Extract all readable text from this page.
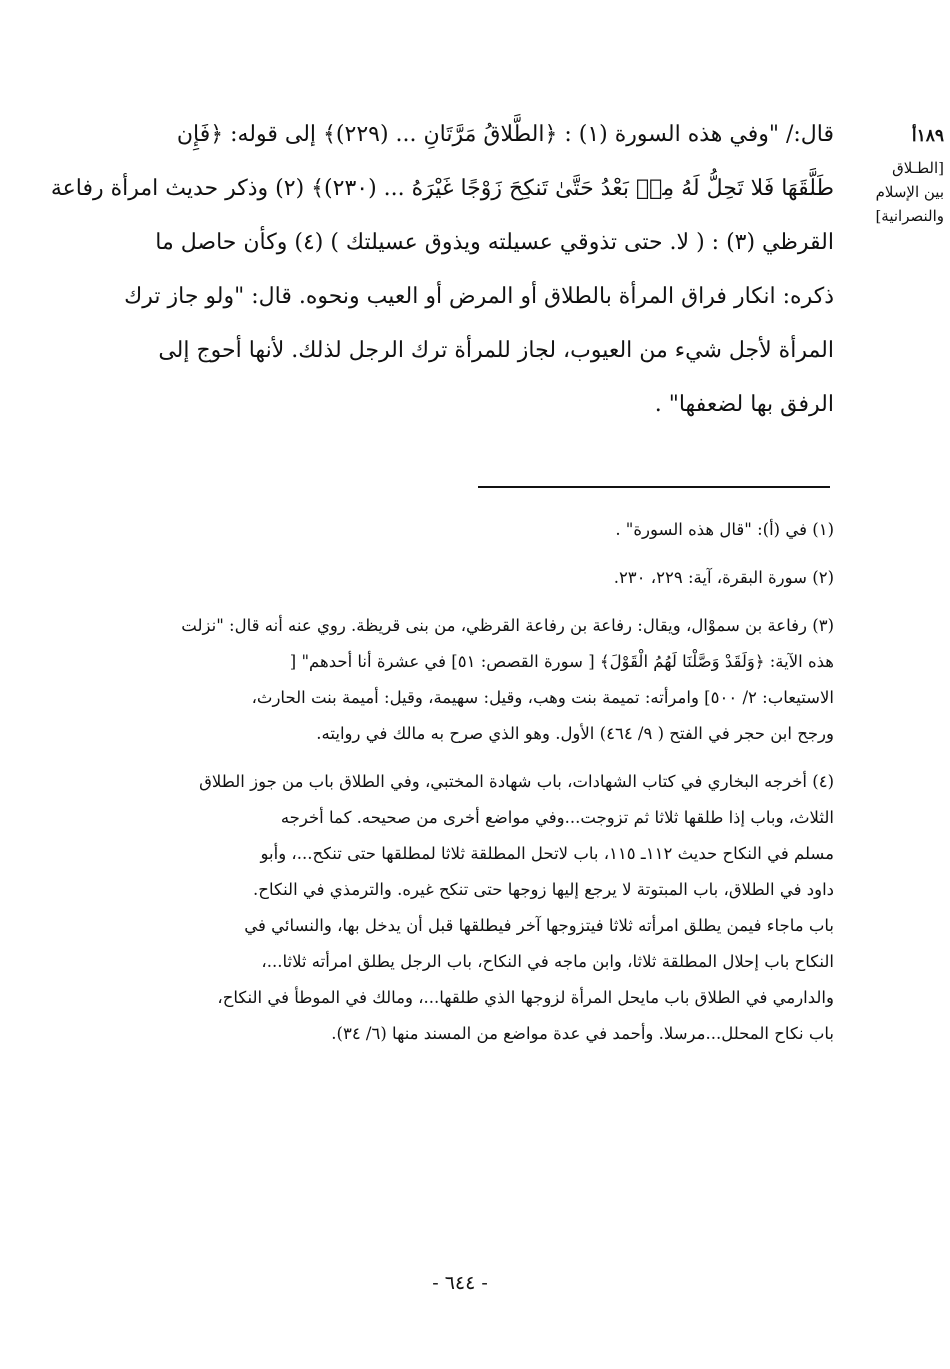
١٨٩أ
[الطـلاق
بين الإسلام
والنصرانية]
قال:/ "وفي هذه السورة (١) : ﴿الطَّلاقُ مَرَّتَانِ ... (٢٢٩)﴾ إلى قوله: ﴿فَإِن
طَلَّقَهَا فَلا تَحِلُّ لَهُ مِنۢ بَعْدُ حَتَّىٰ تَنكِحَ زَوْجًا غَيْرَهُ ... (٢٣٠)﴾ (٢) وذكر حديث امرأة رفاعة
القرظي (٣) : ( لا. حتى تذوقي عسيلته ويذوق عسيلتك ) (٤) وكأن حاصل ما
ذكره: انكار فراق المرأة بالطلاق أو المرض أو العيب ونحوه. قال: "ولو جاز ترك
المرأة لأجل شيء من العيوب، لجاز للمرأة ترك الرجل لذلك. لأنها أحوج إلى
الرفق بها لضعفها" .
(١) في (أ): "قال هذه السورة" .
(٢) سورة البقرة، آية: ٢٢٩، ٢٣٠.
(٣) رفاعة بن سموْال، ويقال: رفاعة بن رفاعة القرظي، من بنى قريظة. روي عنه أنه قال: "نزلت
هذه الآية: ﴿وَلَقَدْ وَصَّلْنَا لَهُمُ الْقَوْلَ﴾ [ سورة القصص: ٥١] في عشرة أنا أحدهم" [
الاستيعاب: ٢/ ٥٠٠] وامرأته: تميمة بنت وهب، وقيل: سهيمة، وقيل: أميمة بنت الحارث،
ورجح ابن حجر في الفتح ( ٩/ ٤٦٤) الأول. وهو الذي صرح به مالك في روايته.
(٤) أخرجه البخاري في كتاب الشهادات، باب شهادة المختبي، وفي الطلاق باب من جوز الطلاق
الثلاث، وباب إذا طلقها ثلاثا ثم تزوجت...وفي مواضع أخرى من صحيحه. كما أخرجه
مسلم في النكاح حديث ١١٢ـ ١١٥، باب لاتحل المطلقة ثلاثا لمطلقها حتى تنكح...، وأبو
داود في الطلاق، باب المبتوتة لا يرجع إليها زوجها حتى تنكح غيره. والترمذي في النكاح.
باب ماجاء فيمن يطلق امرأته ثلاثا فيتزوجها آخر فيطلقها قبل أن يدخل بها، والنسائي في
النكاح باب إحلال المطلقة ثلاثا، وابن ماجه في النكاح، باب الرجل يطلق امرأته ثلاثا...،
والدارمي في الطلاق باب مايحل المرأة لزوجها الذي طلقها...، ومالك في الموطأ في النكاح،
باب نكاح المحلل...مرسلا. وأحمد في عدة مواضع من المسند منها (٦/ ٣٤).
- ٦٤٤ -
